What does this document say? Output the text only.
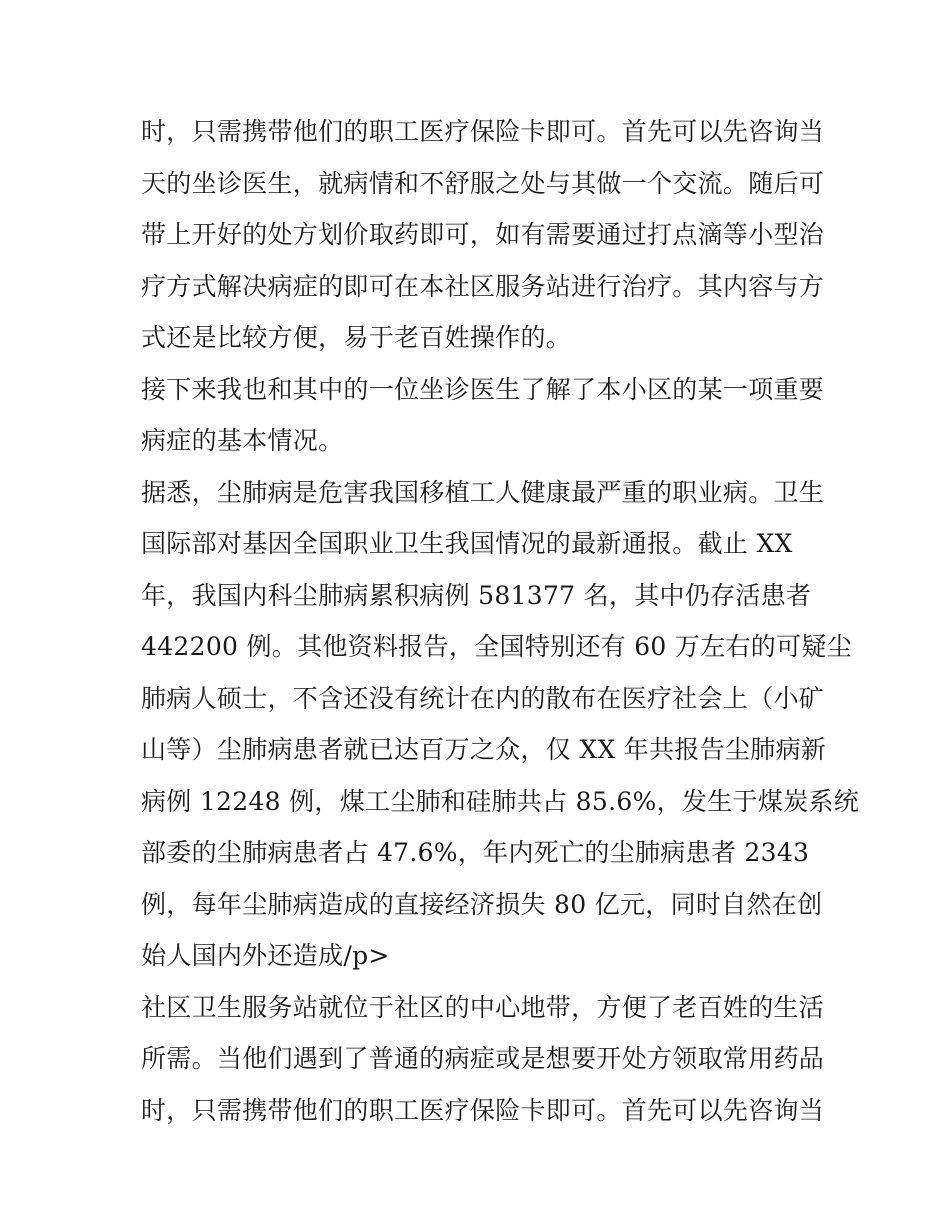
时，只需携带他们的职工医疗保险卡即可。首先可以先咨询当
天的坐诊医生，就病情和不舒服之处与其做一个交流。随后可
带上开好的处方划价取药即可，如有需要通过打点滴等小型治
疗方式解决病症的即可在本社区服务站进行治疗。其内容与方
式还是比较方便，易于老百姓操作的。
接下来我也和其中的一位坐诊医生了解了本小区的某一项重要
病症的基本情况。
据悉，尘肺病是危害我国移植工人健康最严重的职业病。卫生
国际部对基因全国职业卫生我国情况的最新通报。截止 XX
年，我国内科尘肺病累积病例 581377 名，其中仍存活患者
442200 例。其他资料报告，全国特别还有 60 万左右的可疑尘
肺病人硕士，不含还没有统计在内的散布在医疗社会上（小矿
山等）尘肺病患者就已达百万之众，仅 XX 年共报告尘肺病新
病例 12248 例，煤工尘肺和硅肺共占 85.6%，发生于煤炭系统
部委的尘肺病患者占 47.6%，年内死亡的尘肺病患者 2343
例，每年尘肺病造成的直接经济损失 80 亿元，同时自然在创
始人国内外还造成/p>
社区卫生服务站就位于社区的中心地带，方便了老百姓的生活
所需。当他们遇到了普通的病症或是想要开处方领取常用药品
时，只需携带他们的职工医疗保险卡即可。首先可以先咨询当
